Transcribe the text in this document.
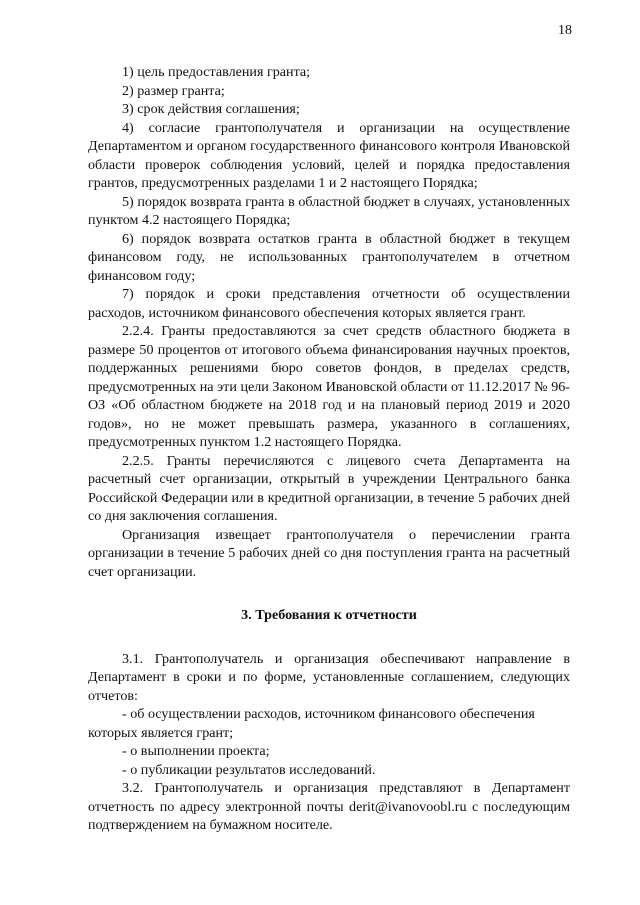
18

1) цель предоставления гранта;

2) размер гранта;

3) срок действия соглашения;

4) согласие грантополучателя и организации на осуществление Департаментом и органом государственного финансового контроля Ивановской области проверок соблюдения условий, целей и порядка предоставления грантов, предусмотренных разделами 1 и 2 настоящего Порядка;

5) порядок возврата гранта в областной бюджет в случаях, установленных пунктом 4.2 настоящего Порядка;

6) порядок возврата остатков гранта в областной бюджет в текущем финансовом году, не использованных грантополучателем в отчетном финансовом году;

7) порядок и сроки представления отчетности об осуществлении расходов, источником финансового обеспечения которых является грант.

2.2.4. Гранты предоставляются за счет средств областного бюджета в размере 50 процентов от итогового объема финансирования научных проектов, поддержанных решениями бюро советов фондов, в пределах средств, предусмотренных на эти цели Законом Ивановской области от 11.12.2017 № 96-ОЗ «Об областном бюджете на 2018 год и на плановый период 2019 и 2020 годов», но не может превышать размера, указанного в соглашениях, предусмотренных пунктом 1.2 настоящего Порядка.

2.2.5. Гранты перечисляются с лицевого счета Департамента на расчетный счет организации, открытый в учреждении Центрального банка Российской Федерации или в кредитной организации, в течение 5 рабочих дней со дня заключения соглашения.

Организация извещает грантополучателя о перечислении гранта организации в течение 5 рабочих дней со дня поступления гранта на расчетный счет организации.

3. Требования к отчетности

3.1. Грантополучатель и организация обеспечивают направление в Департамент в сроки и по форме, установленные соглашением, следующих отчетов:

- об осуществлении расходов, источником финансового обеспечения которых является грант;

- о выполнении проекта;

- о публикации результатов исследований.

3.2. Грантополучатель и организация представляют в Департамент отчетность по адресу электронной почты derit@ivanovoobl.ru с последующим подтверждением на бумажном носителе.
